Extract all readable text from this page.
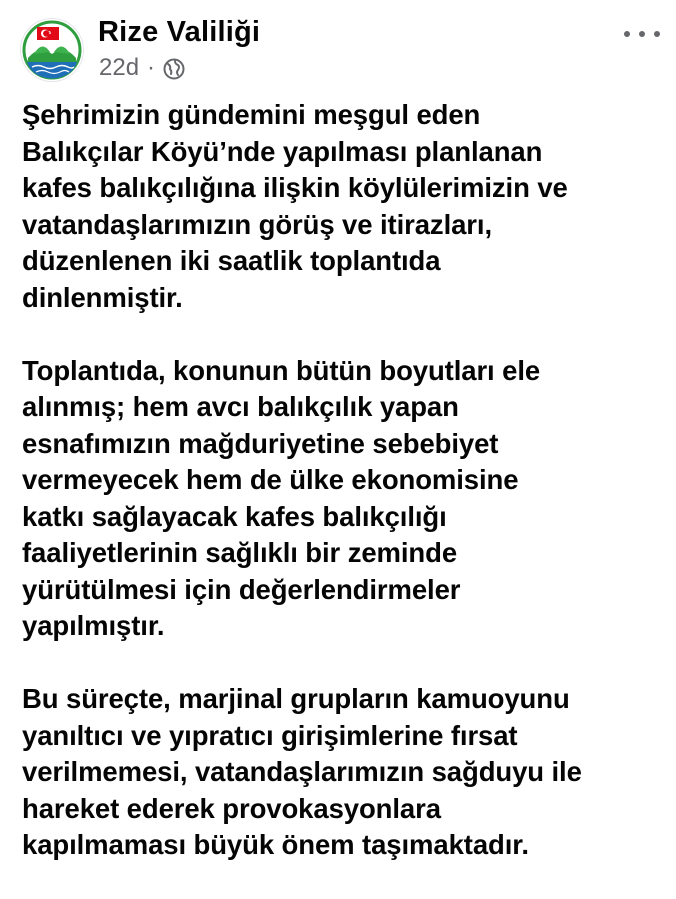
Rize Valiliği
22d ·

Şehrimizin gündemini meşgul eden
Balıkçılar Köyü’nde yapılması planlanan
kafes balıkçılığına ilişkin köylülerimizin ve
vatandaşlarımızın görüş ve itirazları,
düzenlenen iki saatlik toplantıda
dinlenmiştir.

Toplantıda, konunun bütün boyutları ele
alınmış; hem avcı balıkçılık yapan
esnafımızın mağduriyetine sebebiyet
vermeyecek hem de ülke ekonomisine
katkı sağlayacak kafes balıkçılığı
faaliyetlerinin sağlıklı bir zeminde
yürütülmesi için değerlendirmeler
yapılmıştır.

Bu süreçte, marjinal grupların kamuoyunu
yanıltıcı ve yıpratıcı girişimlerine fırsat
verilmemesi, vatandaşlarımızın sağduyu ile
hareket ederek provokasyonlara
kapılmaması büyük önem taşımaktadır.
